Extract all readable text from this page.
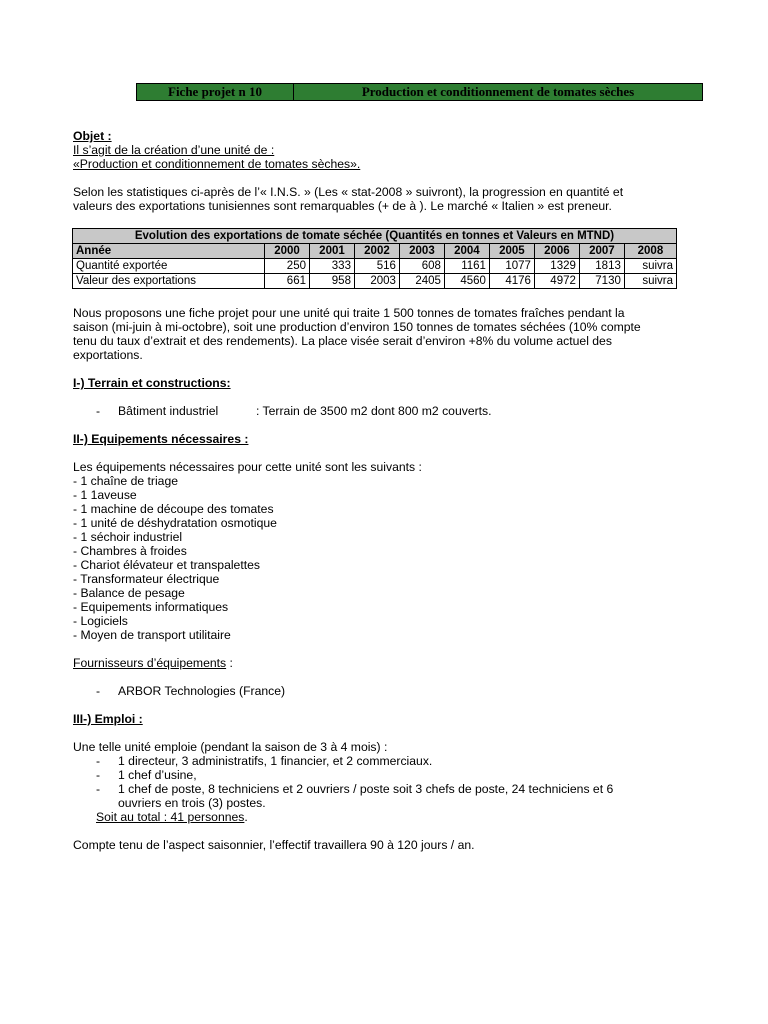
Fiche projet n 10	Production et conditionnement de tomates sèches
Objet :
Il s’agit de la création d’une unité de :
«Production et conditionnement de tomates sèches».
Selon les statistiques ci-après de l’« I.N.S. » (Les « stat-2008 » suivront), la progression en quantité et
valeurs des exportations tunisiennes sont remarquables (+ de à ). Le marché « Italien » est preneur.
Evolution des exportations de tomate séchée (Quantités en tonnes et Valeurs en MTND)									
Année	2000	2001	2002	2003	2004	2005	2006	2007	2008
Quantité exportée	250	333	516	608	1161	1077	1329	1813	suivra
Valeur des exportations	661	958	2003	2405	4560	4176	4972	7130	suivra
Nous proposons une fiche projet pour une unité qui traite 1 500 tonnes de tomates fraîches pendant la
saison (mi-juin à mi-octobre), soit une production d’environ 150 tonnes de tomates séchées (10% compte
tenu du taux d’extrait et des rendements). La place visée serait d’environ +8% du volume actuel des
exportations.
I-) Terrain et constructions:
- Bâtiment industriel	: Terrain de 3500 m2 dont 800 m2 couverts.
II-) Equipements nécessaires :
Les équipements nécessaires pour cette unité sont les suivants :
- 1 chaîne de triage
- 1 1aveuse
- 1 machine de découpe des tomates
- 1 unité de déshydratation osmotique
- 1 séchoir industriel
- Chambres à froides
- Chariot élévateur et transpalettes
- Transformateur électrique
- Balance de pesage
- Equipements informatiques
- Logiciels
- Moyen de transport utilitaire
Fournisseurs d’équipements :
- ARBOR Technologies (France)
III-) Emploi :
Une telle unité emploie (pendant la saison de 3 à 4 mois) :
- 1 directeur, 3 administratifs, 1 financier, et 2 commerciaux.
- 1 chef d’usine,
- 1 chef de poste, 8 techniciens et 2 ouvriers / poste soit 3 chefs de poste, 24 techniciens et 6
ouvriers en trois (3) postes.
Soit au total : 41 personnes.
Compte tenu de l’aspect saisonnier, l’effectif travaillera 90 à 120 jours / an.
